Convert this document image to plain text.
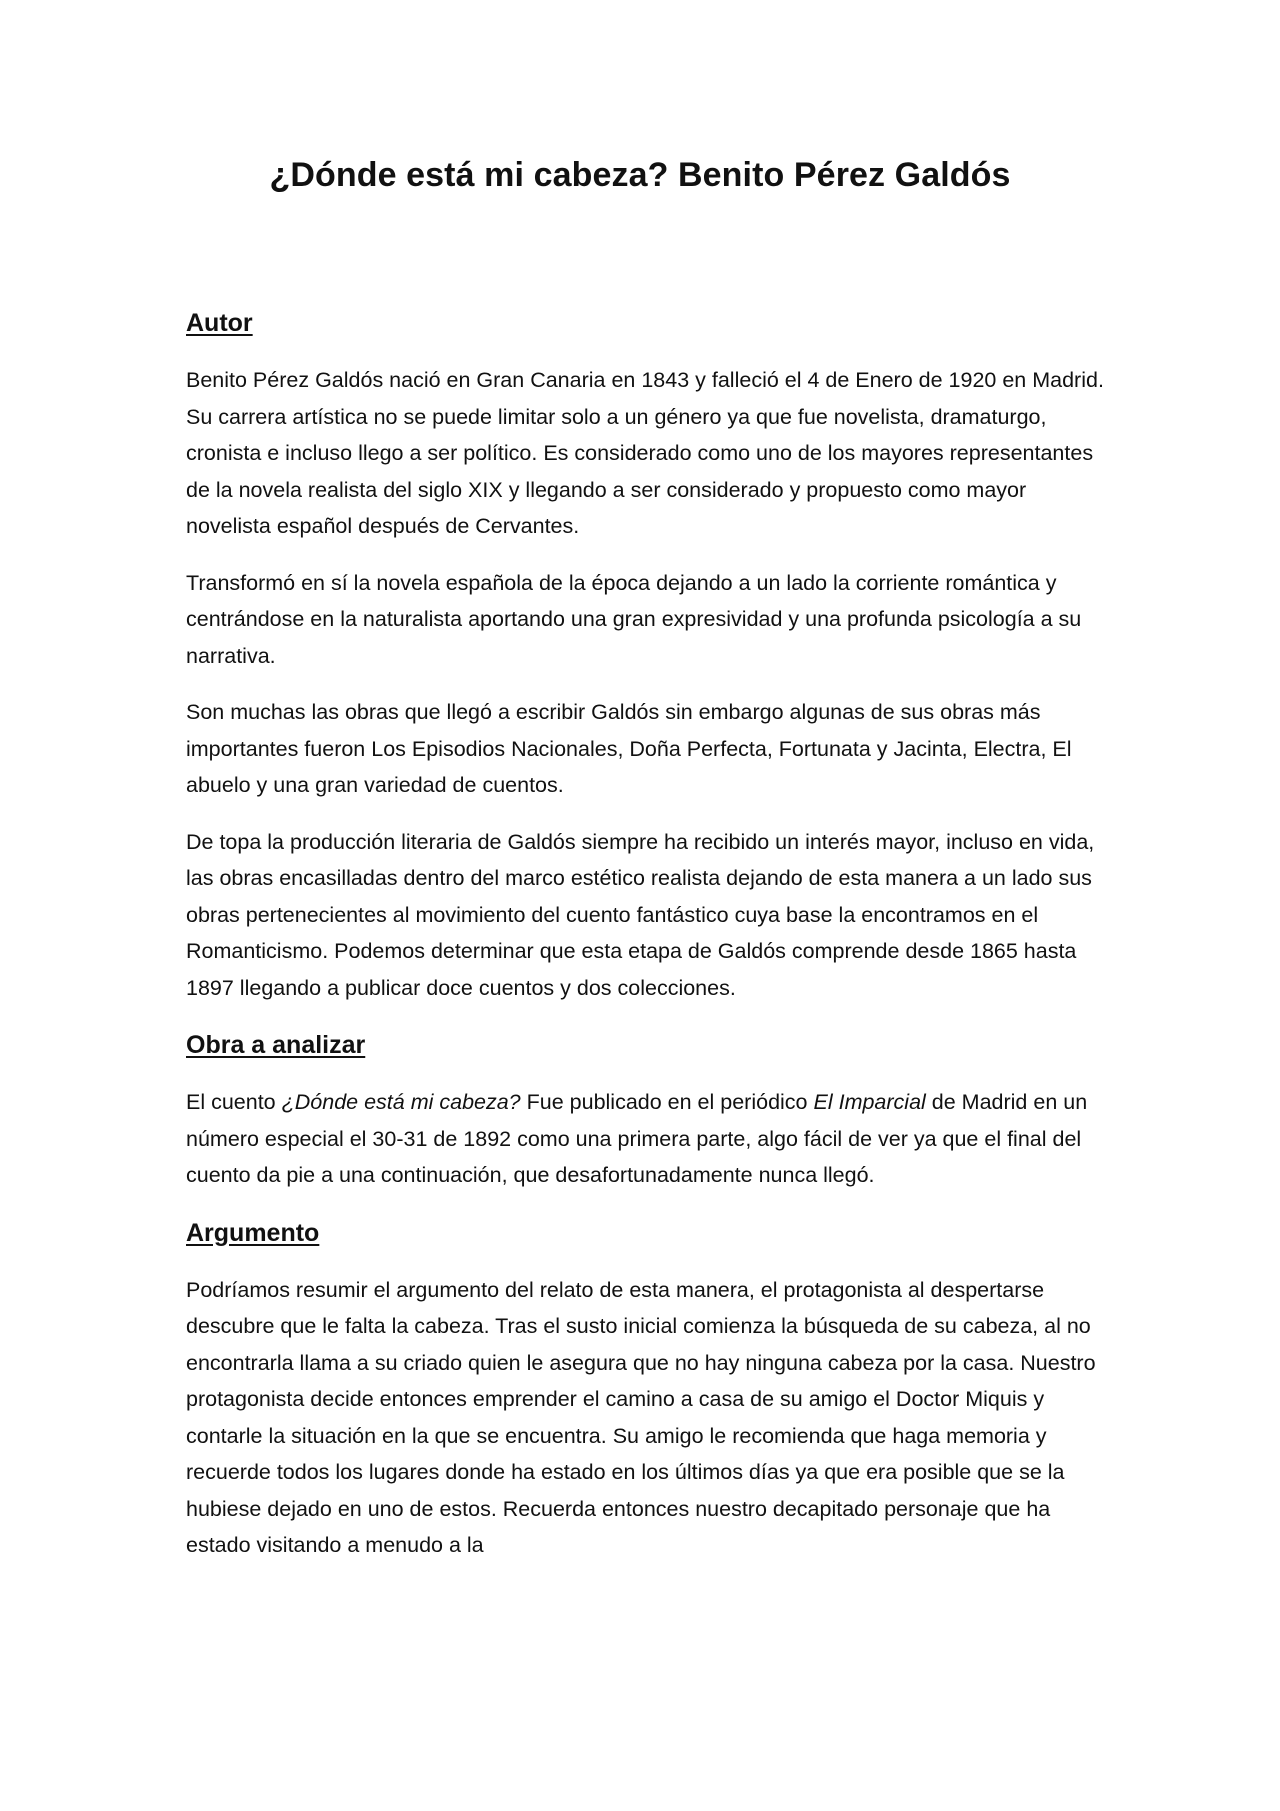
¿Dónde está mi cabeza? Benito Pérez Galdós
Autor

Benito Pérez Galdós nació en Gran Canaria en 1843 y falleció el 4 de Enero de 1920 en Madrid. Su carrera artística no se puede limitar solo a un género ya que fue novelista, dramaturgo, cronista e incluso llego a ser político. Es considerado como uno de los mayores representantes de la novela realista del siglo XIX y llegando a ser considerado y propuesto como mayor novelista español después de Cervantes.

Transformó en sí la novela española de la época dejando a un lado la corriente romántica y centrándose en la naturalista aportando una gran expresividad y una profunda psicología a su narrativa.

Son muchas las obras que llegó a escribir Galdós sin embargo algunas de sus obras más importantes fueron Los Episodios Nacionales, Doña Perfecta, Fortunata y Jacinta, Electra, El abuelo y una gran variedad de cuentos.

De topa la producción literaria de Galdós siempre ha recibido un interés mayor, incluso en vida, las obras encasilladas dentro del marco estético realista dejando de esta manera a un lado sus obras pertenecientes al movimiento del cuento fantástico cuya base la encontramos en el Romanticismo. Podemos determinar que esta etapa de Galdós comprende desde 1865 hasta 1897 llegando a publicar doce cuentos y dos colecciones.

Obra a analizar

El cuento ¿Dónde está mi cabeza? Fue publicado en el periódico El Imparcial de Madrid en un número especial el 30-31 de 1892 como una primera parte, algo fácil de ver ya que el final del cuento da pie a una continuación, que desafortunadamente nunca llegó.

Argumento

Podríamos resumir el argumento del relato de esta manera, el protagonista al despertarse descubre que le falta la cabeza. Tras el susto inicial comienza la búsqueda de su cabeza, al no encontrarla llama a su criado quien le asegura que no hay ninguna cabeza por la casa. Nuestro protagonista decide entonces emprender el camino a casa de su amigo el Doctor Miquis y contarle la situación en la que se encuentra. Su amigo le recomienda que haga memoria y recuerde todos los lugares donde ha estado en los últimos días ya que era posible que se la hubiese dejado en uno de estos. Recuerda entonces nuestro decapitado personaje que ha estado visitando a menudo a la
